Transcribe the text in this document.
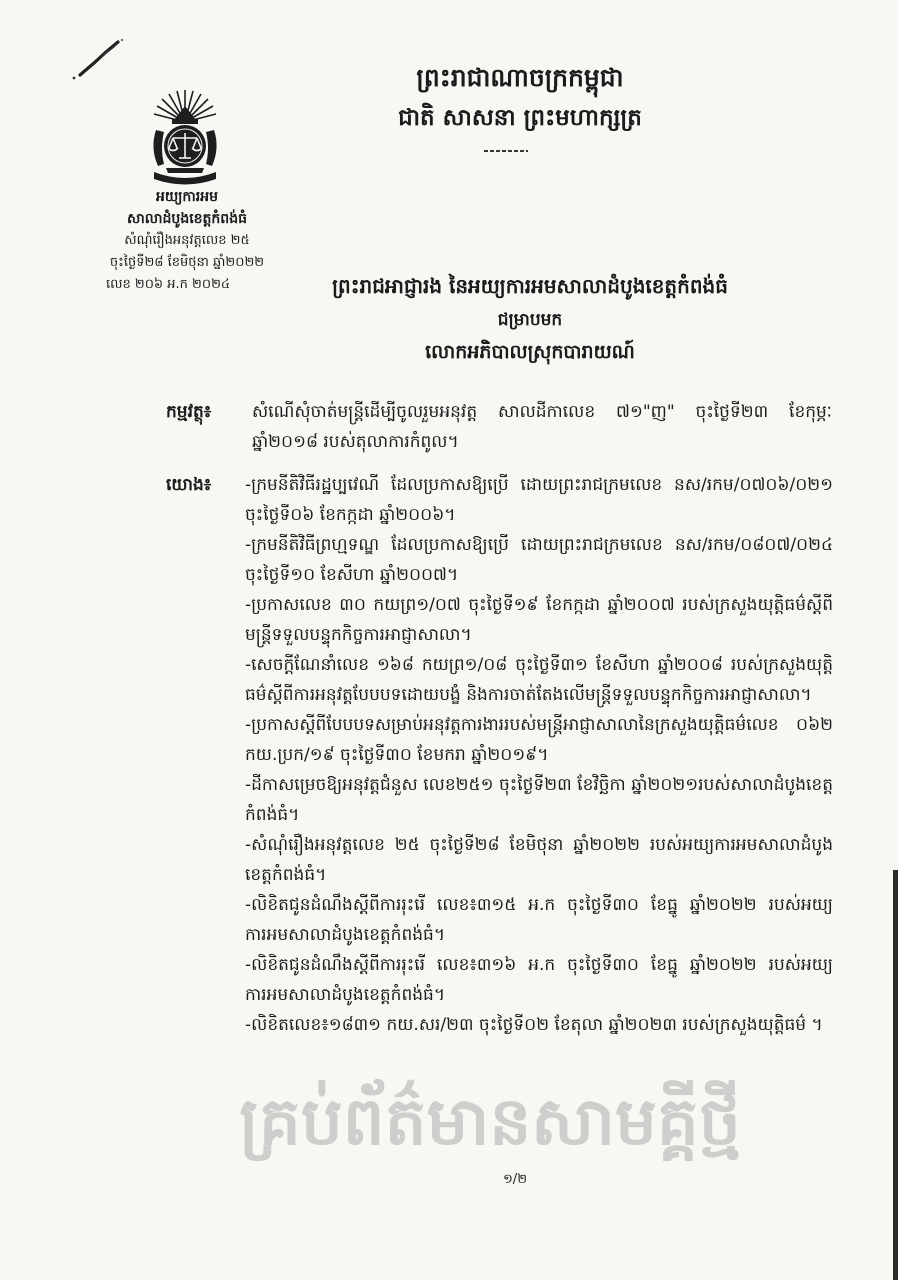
ព្រះរាជាណាចក្រកម្ពុជា
ជាតិ សាសនា ព្រះមហាក្សត្រ
អយ្យការអម
សាលាដំបូងខេត្តកំពង់ធំ
សំណុំរឿងអនុវត្តលេខ ២៥
ចុះថ្ងៃទី២៨ ខែមិថុនា ឆ្នាំ២០២២
លេខ ២០៦ អ.ក ២០២៤	ព្រះរាជអាជ្ញារង នៃអយ្យការអមសាលាដំបូងខេត្តកំពង់ធំ
ជម្រាបមក
លោកអភិបាលស្រុកបារាយណ៍
កម្មវត្ថុ៖ សំណើសុំចាត់មន្ត្រីដើម្បីចូលរួមអនុវត្ត សាលដីកាលេខ ៧១"ញ" ចុះថ្ងៃទី២៣ ខែកុម្ភៈ ឆ្នាំ២០១៨ របស់តុលាការកំពូល។
យោង៖ -ក្រមនីតិវិធីរដ្ឋប្បវេណី ដែលប្រកាសឱ្យប្រើ ដោយព្រះរាជក្រមលេខ នស/រកម/០៧០៦/០២១ ចុះថ្ងៃទី០៦ ខែកក្កដា ឆ្នាំ២០០៦។

-ក្រមនីតិវិធីព្រហ្មទណ្ឌ ដែលប្រកាសឱ្យប្រើ ដោយព្រះរាជក្រមលេខ នស/រកម/០៨០៧/០២៤ ចុះថ្ងៃទី១០ ខែសីហា ឆ្នាំ២០០៧។

-ប្រកាសលេខ ៣០ កយព្រ១/០៧ ចុះថ្ងៃទី១៩ ខែកក្កដា ឆ្នាំ២០០៧ របស់ក្រសួងយុត្តិធម៌ស្តីពីមន្ត្រីទទួលបន្ទុកកិច្ចការអាជ្ញាសាលា។

-សេចក្តីណែនាំលេខ ១៦៨ កយព្រ១/០៨ ចុះថ្ងៃទី៣១ ខែសីហា ឆ្នាំ២០០៨ របស់ក្រសួងយុត្តិធម៌ស្តីពីការអនុវត្តបែបបទដោយបង្ខំ និងការចាត់តែងលើមន្ត្រីទទួលបន្ទុកកិច្ចការអាជ្ញាសាលា។

-ប្រកាសស្តីពីបែបបទសម្រាប់អនុវត្តការងាររបស់មន្ត្រីអាជ្ញាសាលានៃក្រសួងយុត្តិធម៌លេខ ០៦២ កយ.ប្រក/១៩ ចុះថ្ងៃទី៣០ ខែមករា ឆ្នាំ២០១៩។

-ដីកាសម្រេចឱ្យអនុវត្តជំនួស លេខ២៥១ ចុះថ្ងៃទី២៣ ខែវិច្ឆិកា ឆ្នាំ២០២១របស់សាលាដំបូងខេត្តកំពង់ធំ។

-សំណុំរឿងអនុវត្តលេខ ២៥ ចុះថ្ងៃទី២៨ ខែមិថុនា ឆ្នាំ២០២២ របស់អយ្យការអមសាលាដំបូងខេត្តកំពង់ធំ។

-លិខិតជូនដំណឹងស្តីពីការរុះរើ លេខ៖៣១៥ អ.ក ចុះថ្ងៃទី៣០ ខែធ្នូ ឆ្នាំ២០២២ របស់អយ្យការអមសាលាដំបូងខេត្តកំពង់ធំ។

-លិខិតជូនដំណឹងស្តីពីការរុះរើ លេខ៖៣១៦ អ.ក ចុះថ្ងៃទី៣០ ខែធ្នូ ឆ្នាំ២០២២ របស់អយ្យការអមសាលាដំបូងខេត្តកំពង់ធំ។

-លិខិតលេខ៖១៨៣១ កយ.សរ/២៣ ចុះថ្ងៃទី០២ ខែតុលា ឆ្នាំ២០២៣ របស់ក្រសួងយុត្តិធម៌ ។

គ្រប់ព័ត៌មានសាមគ្គីថ្មី
១/២
